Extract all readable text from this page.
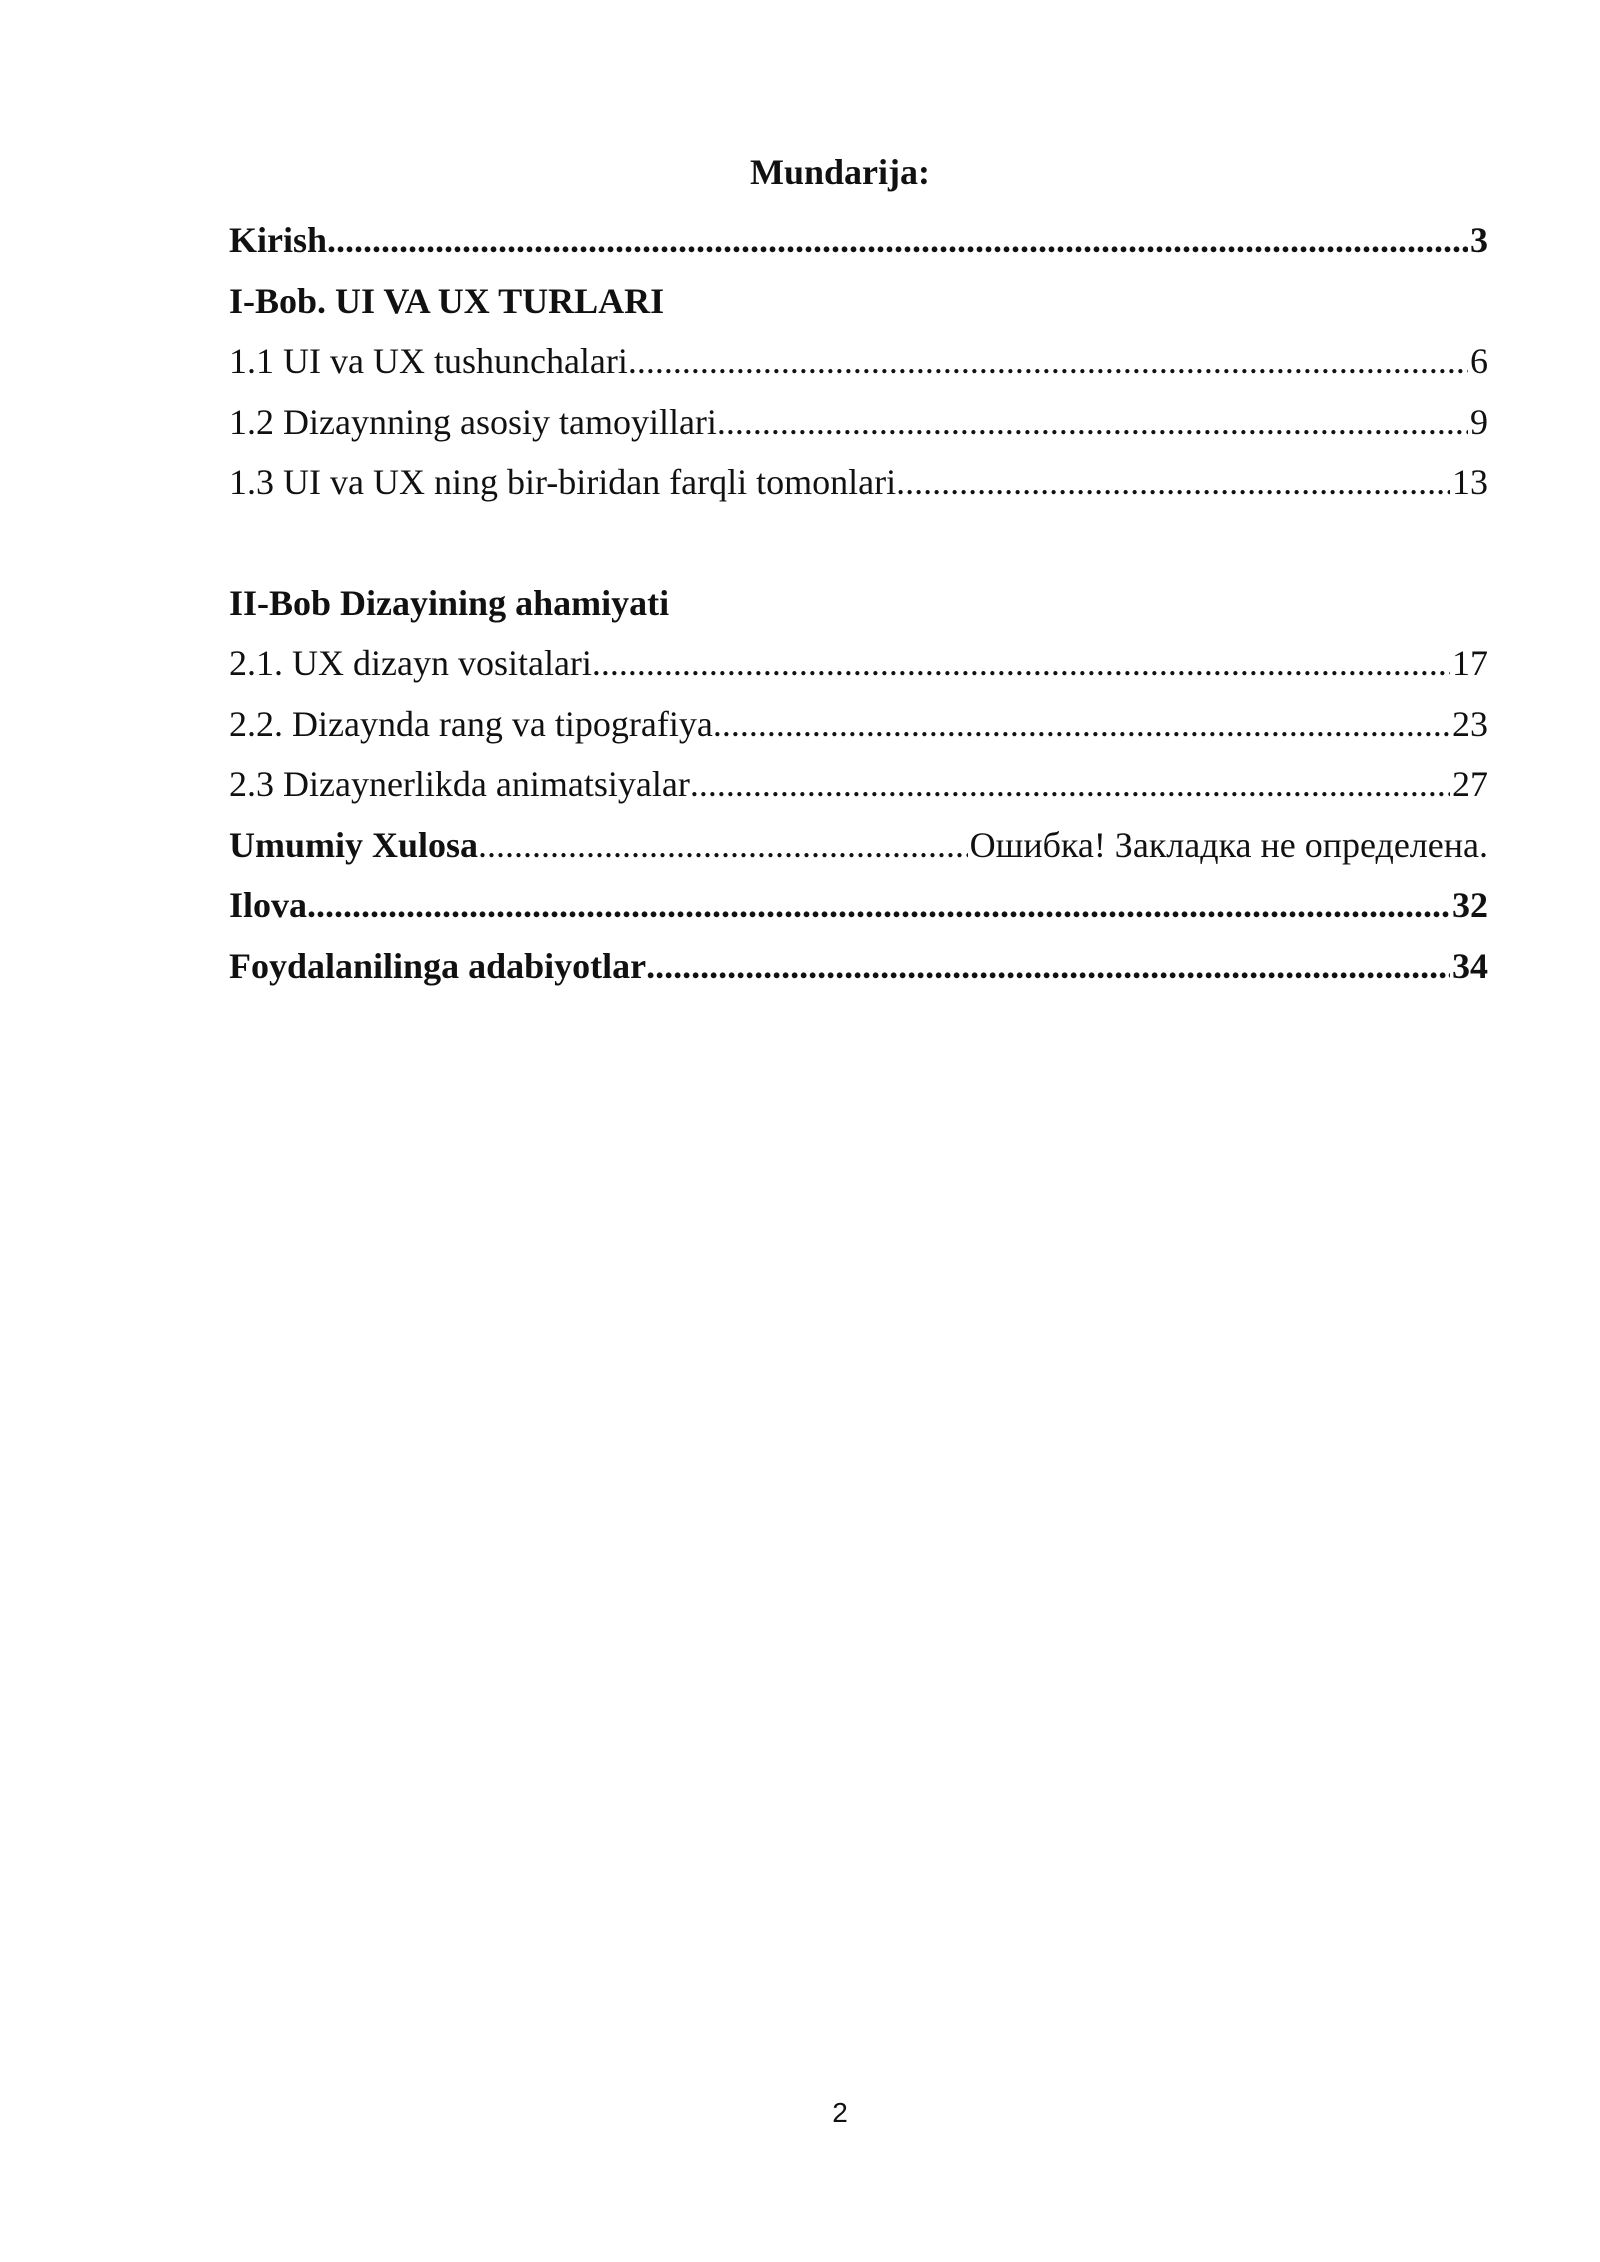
Mundarija:
Kirish .....	3
I-Bob. UI VA UX TURLARI
1.1 UI va UX tushunchalari .....	6
1.2 Dizaynning asosiy tamoyillari .....	9
1.3 UI va UX ning bir-biridan farqli tomonlari .....	13
II-Bob Dizayining ahamiyati
2.1. UX dizayn vositalari .....	17
2.2. Dizaynda rang va tipografiya .....	23
2.3 Dizaynerlikda animatsiyalar .....	27
Umumiy Xulosa .....	Ошибка! Закладка не определена.
Ilova .....	32
Foydalanilinga adabiyotlar .....	34
2
